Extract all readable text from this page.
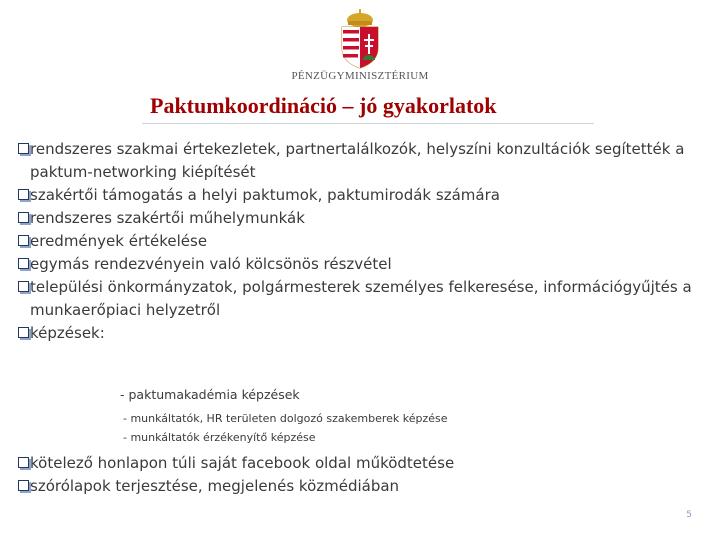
PÉNZÜGYMINISZTÉRIUM
Paktumkoordináció – jó gyakorlatok
rendszeres szakmai értekezletek, partnertalálkozók, helyszíni konzultációk segítették a paktum-networking kiépítését
szakértői támogatás a helyi paktumok, paktumirodák számára
rendszeres szakértői műhelymunkák
eredmények értékelése
egymás rendezvényein való kölcsönös részvétel
települési önkormányzatok, polgármesterek személyes felkeresése, információgyűjtés a munkaerőpiaci helyzetről
képzések:

- paktumakadémia képzések

- munkáltatók, HR területen dolgozó szakemberek képzése
- munkáltatók érzékenyítő képzése
kötelező honlapon túli saját facebook oldal működtetése
szórólapok terjesztése, megjelenés közmédiában
5
